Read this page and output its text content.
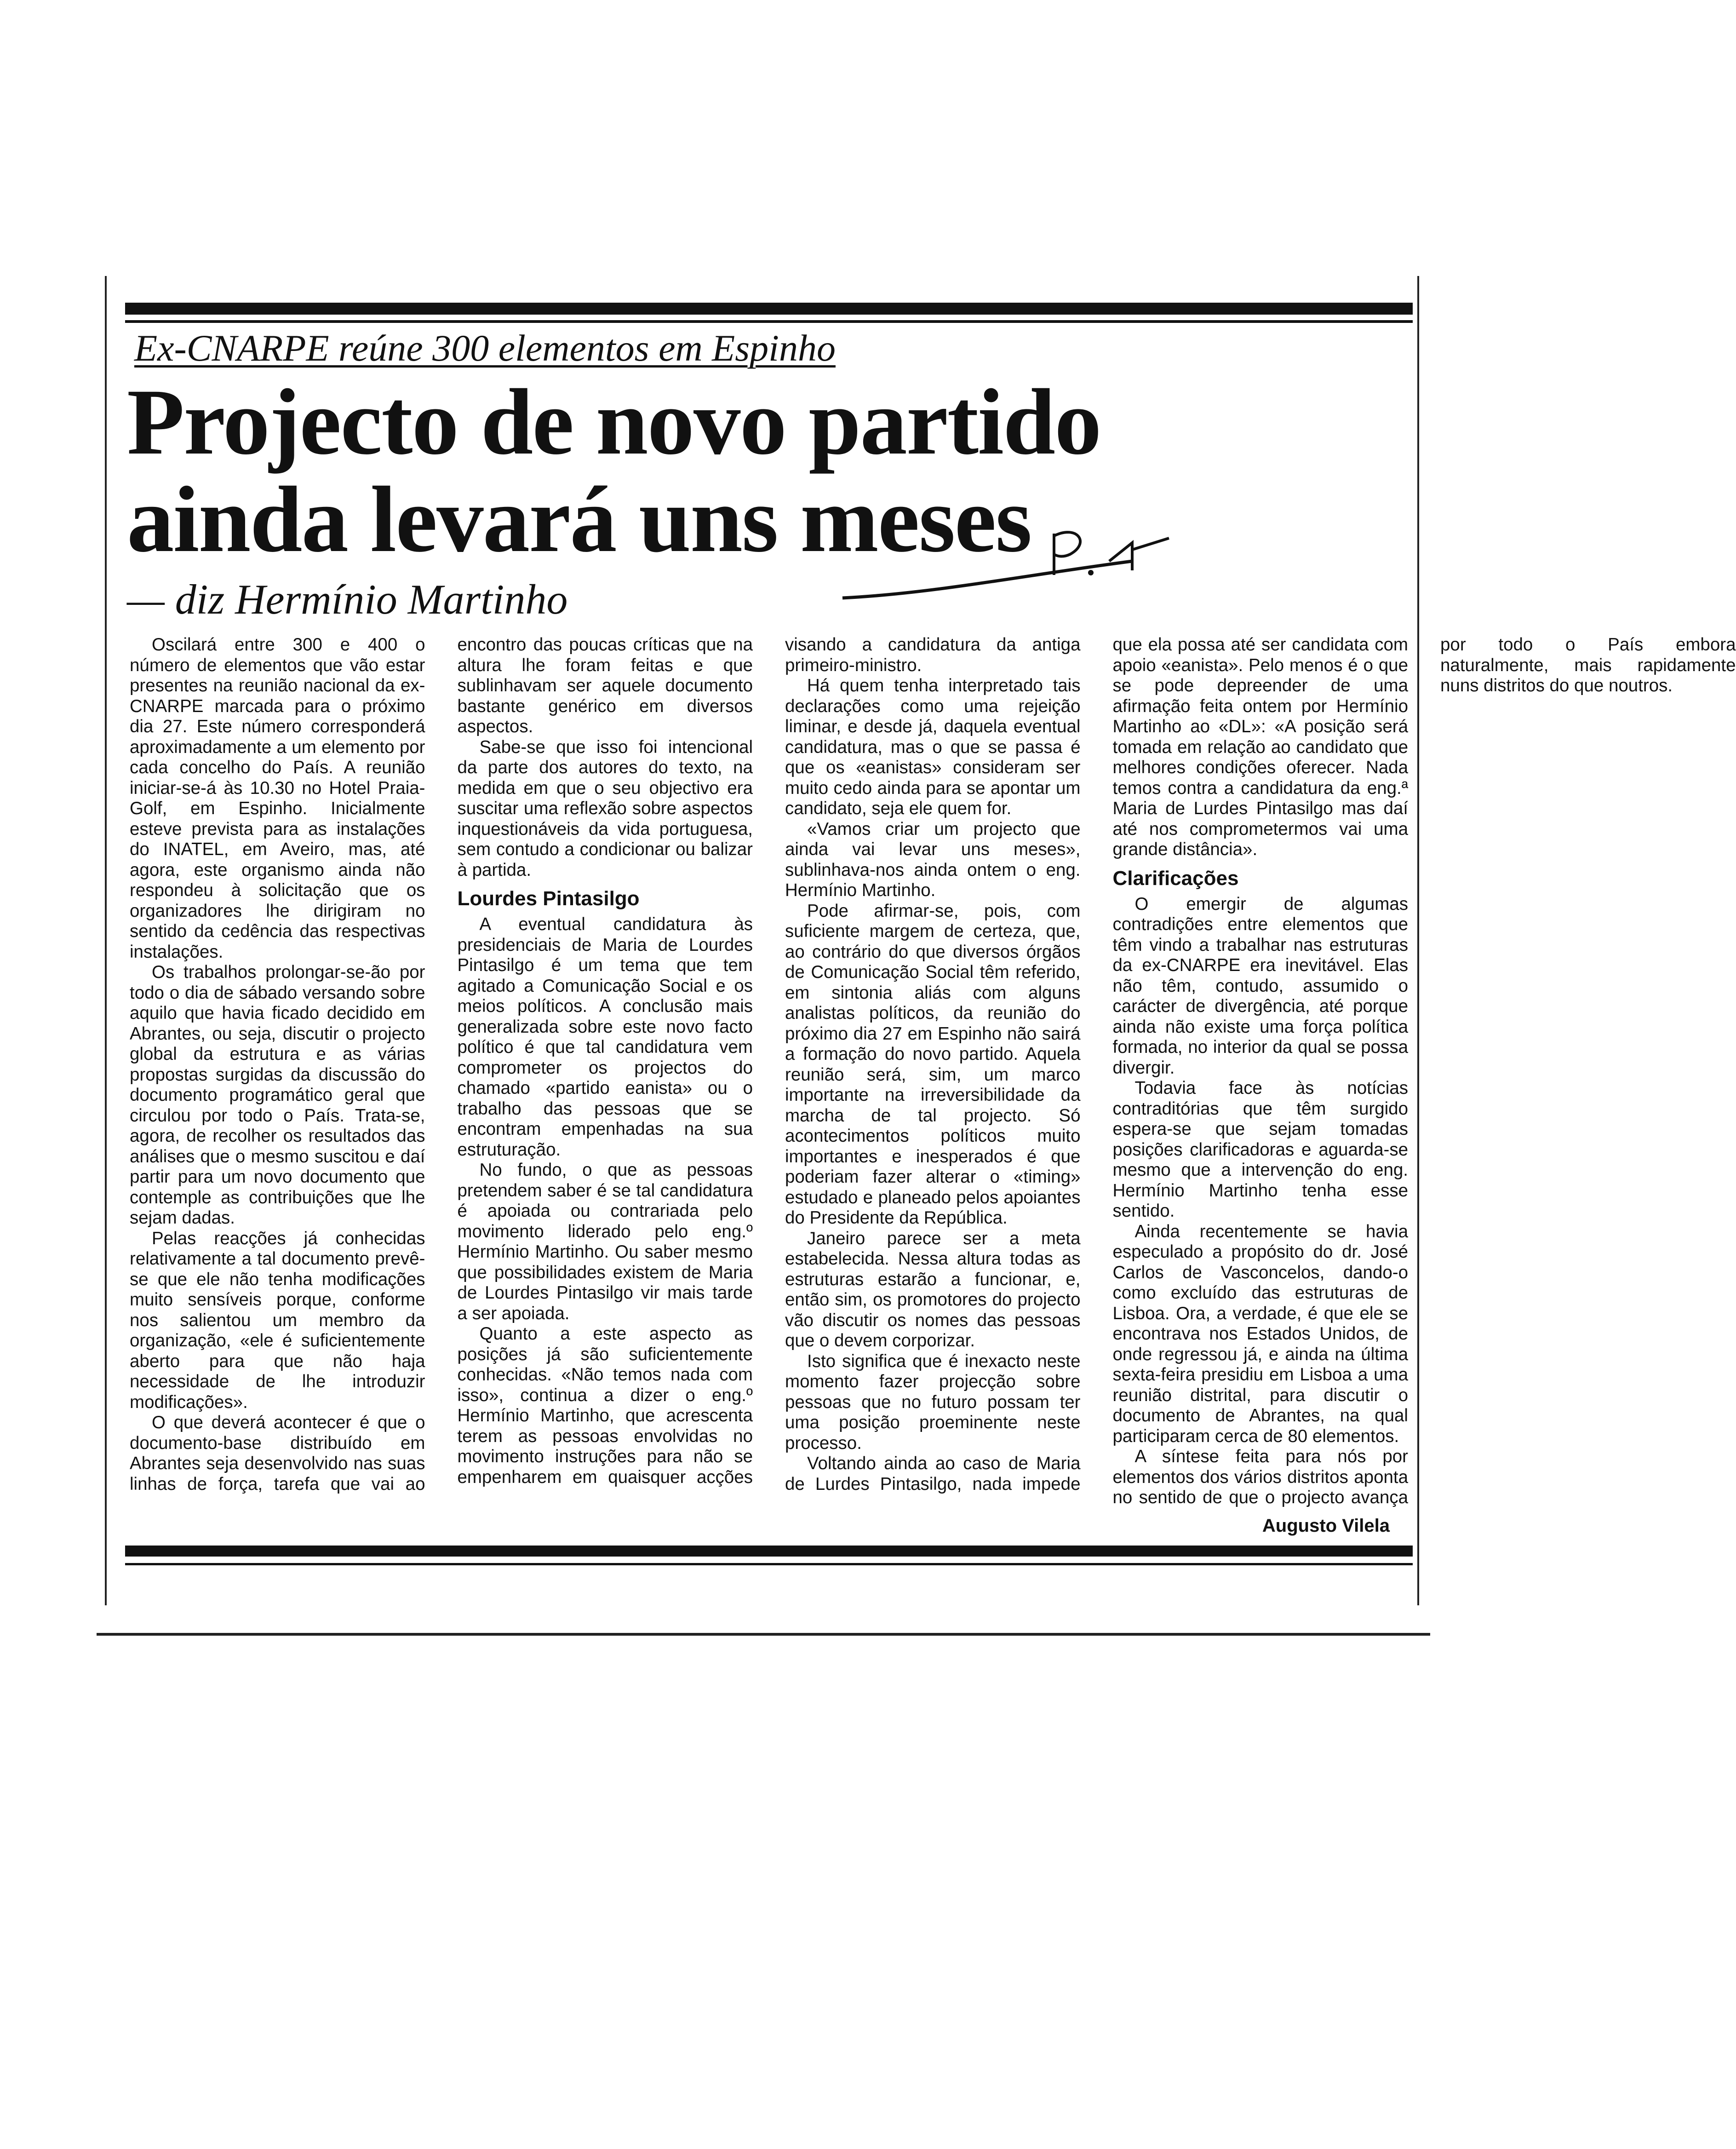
Ex-CNARPE reúne 300 elementos em Espinho
Projecto de novo partido
ainda levará uns meses
— diz Hermínio Martinho	P. 1

Oscilará entre 300 e 400 o número de elementos que vão estar presentes na reunião nacional da ex-CNARPE marcada para o próximo dia 27. Este número corresponderá aproximadamente a um elemento por cada concelho do País. A reunião iniciar-se-á às 10.30 no Hotel Praia-Golf, em Espinho. Inicialmente esteve prevista para as instalações do INATEL, em Aveiro, mas, até agora, este organismo ainda não respondeu à solicitação que os organizadores lhe dirigiram no sentido da cedência das respectivas instalações.

Os trabalhos prolongar-se-ão por todo o dia de sábado versando sobre aquilo que havia ficado decidido em Abrantes, ou seja, discutir o projecto global da estrutura e as várias propostas surgidas da discussão do documento programático geral que circulou por todo o País. Trata-se, agora, de recolher os resultados das análises que o mesmo suscitou e daí partir para um novo documento que contemple as contribuições que lhe sejam dadas.

Pelas reacções já conhecidas relativamente a tal documento prevê-se que ele não tenha modificações muito sensíveis porque, conforme nos salientou um membro da organização, «ele é suficientemente aberto para que não haja necessidade de lhe introduzir modificações».

O que deverá acontecer é que o documento-base distribuído em Abrantes seja desenvolvido nas suas linhas de força, tarefa que vai ao encontro das poucas críticas que na altura lhe foram feitas e que sublinhavam ser aquele documento bastante genérico em diversos aspectos.

Sabe-se que isso foi intencional da parte dos autores do texto, na medida em que o seu objectivo era suscitar uma reflexão sobre aspectos inquestionáveis da vida portuguesa, sem contudo a condicionar ou balizar à partida.

Lourdes Pintasilgo

A eventual candidatura às presidenciais de Maria de Lourdes Pintasilgo é um tema que tem agitado a Comunicação Social e os meios políticos. A conclusão mais generalizada sobre este novo facto político é que tal candidatura vem comprometer os projectos do chamado «partido eanista» ou o trabalho das pessoas que se encontram empenhadas na sua estruturação.

No fundo, o que as pessoas pretendem saber é se tal candidatura é apoiada ou contrariada pelo movimento liderado pelo eng.º Hermínio Martinho. Ou saber mesmo que possibilidades existem de Maria de Lourdes Pintasilgo vir mais tarde a ser apoiada.

Quanto a este aspecto as posições já são suficientemente conhecidas. «Não temos nada com isso», continua a dizer o eng.º Hermínio Martinho, que acrescenta terem as pessoas envolvidas no movimento instruções para não se empenharem em quaisquer acções visando a candidatura da antiga primeiro-ministro.

Há quem tenha interpretado tais declarações como uma rejeição liminar, e desde já, daquela eventual candidatura, mas o que se passa é que os «eanistas» consideram ser muito cedo ainda para se apontar um candidato, seja ele quem for.

«Vamos criar um projecto que ainda vai levar uns meses», sublinhava-nos ainda ontem o eng. Hermínio Martinho.

Pode afirmar-se, pois, com suficiente margem de certeza, que, ao contrário do que diversos órgãos de Comunicação Social têm referido, em sintonia aliás com alguns analistas políticos, da reunião do próximo dia 27 em Espinho não sairá a formação do novo partido. Aquela reunião será, sim, um marco importante na irreversibilidade da marcha de tal projecto. Só acontecimentos políticos muito importantes e inesperados é que poderiam fazer alterar o «timing» estudado e planeado pelos apoiantes do Presidente da República.

Janeiro parece ser a meta estabelecida. Nessa altura todas as estruturas estarão a funcionar, e, então sim, os promotores do projecto vão discutir os nomes das pessoas que o devem corporizar.

Isto significa que é inexacto neste momento fazer projecção sobre pessoas que no futuro possam ter uma posição proeminente neste processo.

Voltando ainda ao caso de Maria de Lurdes Pintasilgo, nada impede que ela possa até ser candidata com apoio «eanista». Pelo menos é o que se pode depreender de uma afirmação feita ontem por Hermínio Martinho ao «DL»: «A posição será tomada em relação ao candidato que melhores condições oferecer. Nada temos contra a candidatura da eng.ª Maria de Lurdes Pintasilgo mas daí até nos comprometermos vai uma grande distância».

Clarificações

O emergir de algumas contradições entre elementos que têm vindo a trabalhar nas estruturas da ex-CNARPE era inevitável. Elas não têm, contudo, assumido o carácter de divergência, até porque ainda não existe uma força política formada, no interior da qual se possa divergir.

Todavia face às notícias contraditórias que têm surgido espera-se que sejam tomadas posições clarificadoras e aguarda-se mesmo que a intervenção do eng. Hermínio Martinho tenha esse sentido.

Ainda recentemente se havia especulado a propósito do dr. José Carlos de Vasconcelos, dando-o como excluído das estruturas de Lisboa. Ora, a verdade, é que ele se encontrava nos Estados Unidos, de onde regressou já, e ainda na última sexta-feira presidiu em Lisboa a uma reunião distrital, para discutir o documento de Abrantes, na qual participaram cerca de 80 elementos.

A síntese feita para nós por elementos dos vários distritos aponta no sentido de que o projecto avança por todo o País embora naturalmente, mais rapidamente nuns distritos do que noutros.

Augusto Vilela
